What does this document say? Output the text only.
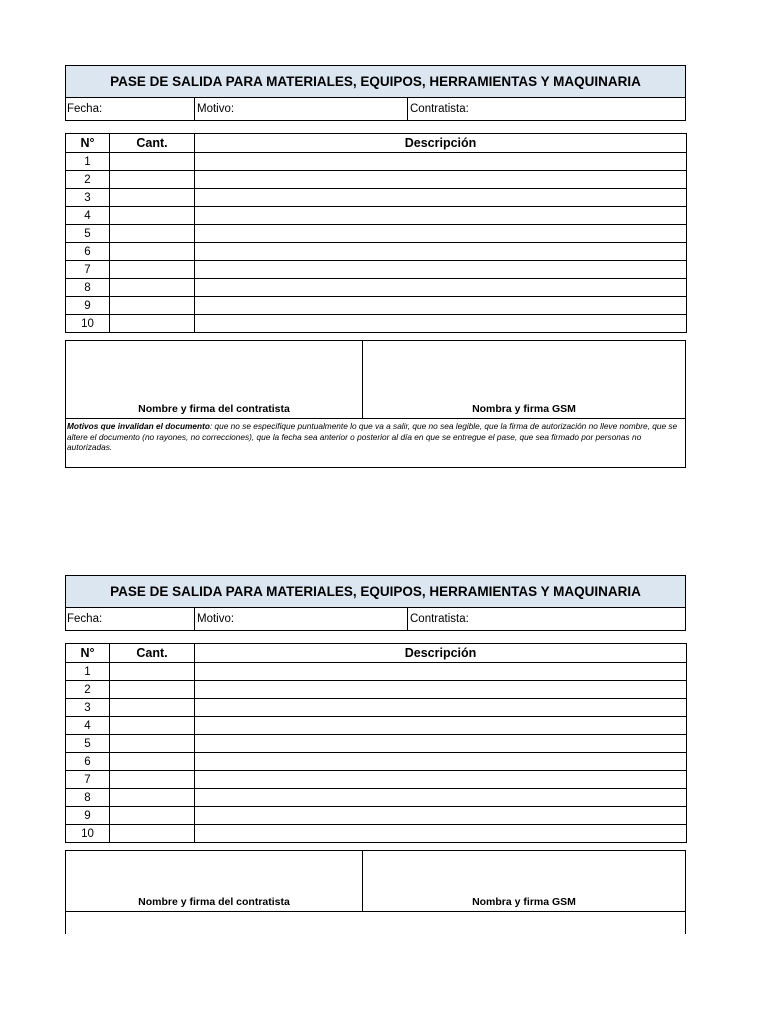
PASE DE SALIDA PARA MATERIALES, EQUIPOS, HERRAMIENTAS Y MAQUINARIA
Fecha:	Motivo:	Contratista:
N°	Cant.	Descripción
1		
2		
3		
4		
5		
6		
7		
8		
9		
10		
Nombre y firma del contratista	Nombra y firma GSM
Motivos que invalidan el documento: que no se especifique puntualmente lo que va a salir, que no sea legible, que la firma de autorización no lleve nombre, que se altere el documento (no rayones, no correcciones), que la fecha sea anterior o posterior al día en que se entregue el pase, que sea firmado por personas no autorizadas.
PASE DE SALIDA PARA MATERIALES, EQUIPOS, HERRAMIENTAS Y MAQUINARIA
Fecha:	Motivo:	Contratista:
N°	Cant.	Descripción
1		
2		
3		
4		
5		
6		
7		
8		
9		
10		
Nombre y firma del contratista	Nombra y firma GSM
